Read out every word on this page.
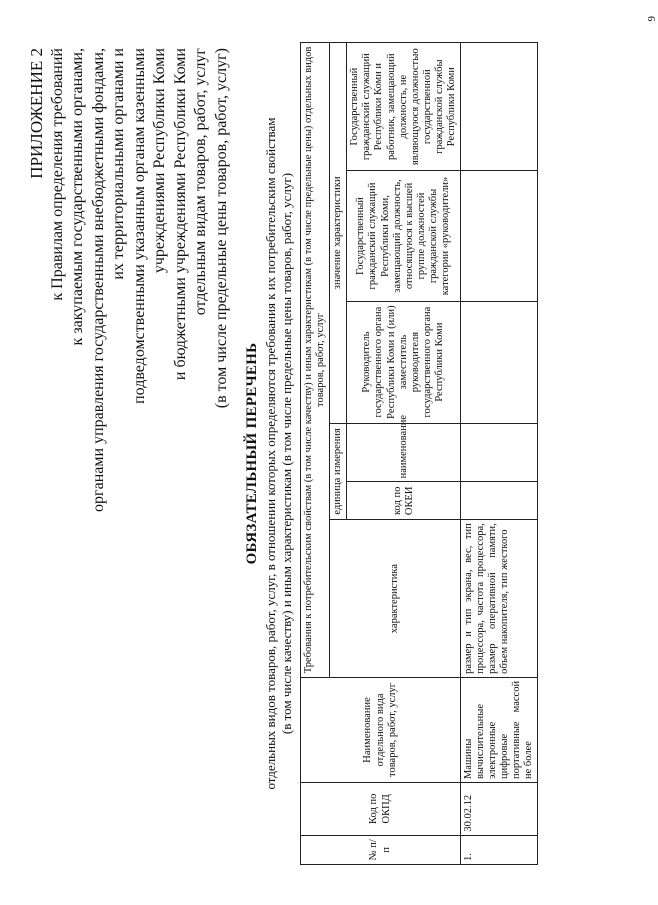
ПРИЛОЖЕНИЕ 2 к Правилам определения требований к закупаемым государственными органами, органами управления государственными внебюджетными фондами, их территориальными органами и подведомственными указанным органам казенными учреждениями Республики Коми и бюджетными учреждениями Республики Коми отдельным видам товаров, работ, услуг (в том числе предельные цены товаров, работ, услуг)
ОБЯЗАТЕЛЬНЫЙ ПЕРЕЧЕНЬ отдельных видов товаров, работ, услуг, в отношении которых определяются требования к их потребительским свойствам (в том числе качеству) и иным характеристикам (в том числе предельные цены товаров, работ, услуг)
№ п/п	Код по ОКПД	Наименование отдельного вида товаров, работ, услуг	Требования к потребительским свойствам (в том числе качеству) и иным характеристикам (в том числе предельные цены) отдельных видов товаров, работ, услуг					
			характеристика	единица измерения		значение характеристики		
				код по ОКЕИ	наименование	Руководитель государственного органа Республики Коми и (или) заместитель руководителя государственного органа Республики Коми	Государственный гражданский служащий Республики Коми, замещающий должность, относящуюся к высшей группе должностей гражданской службы категории «руководители»	Государственный гражданский служащий Республики Коми и работник, замещающий должность, не являющуюся должностью государственной гражданской службы Республики Коми
1.	30.02.12	Машины вычислительные электронные цифровые портативные массой не более	размер и тип экрана, вес, тип процессора, частота процессора, размер оперативной памяти, объем накопителя, тип жесткого					
9
